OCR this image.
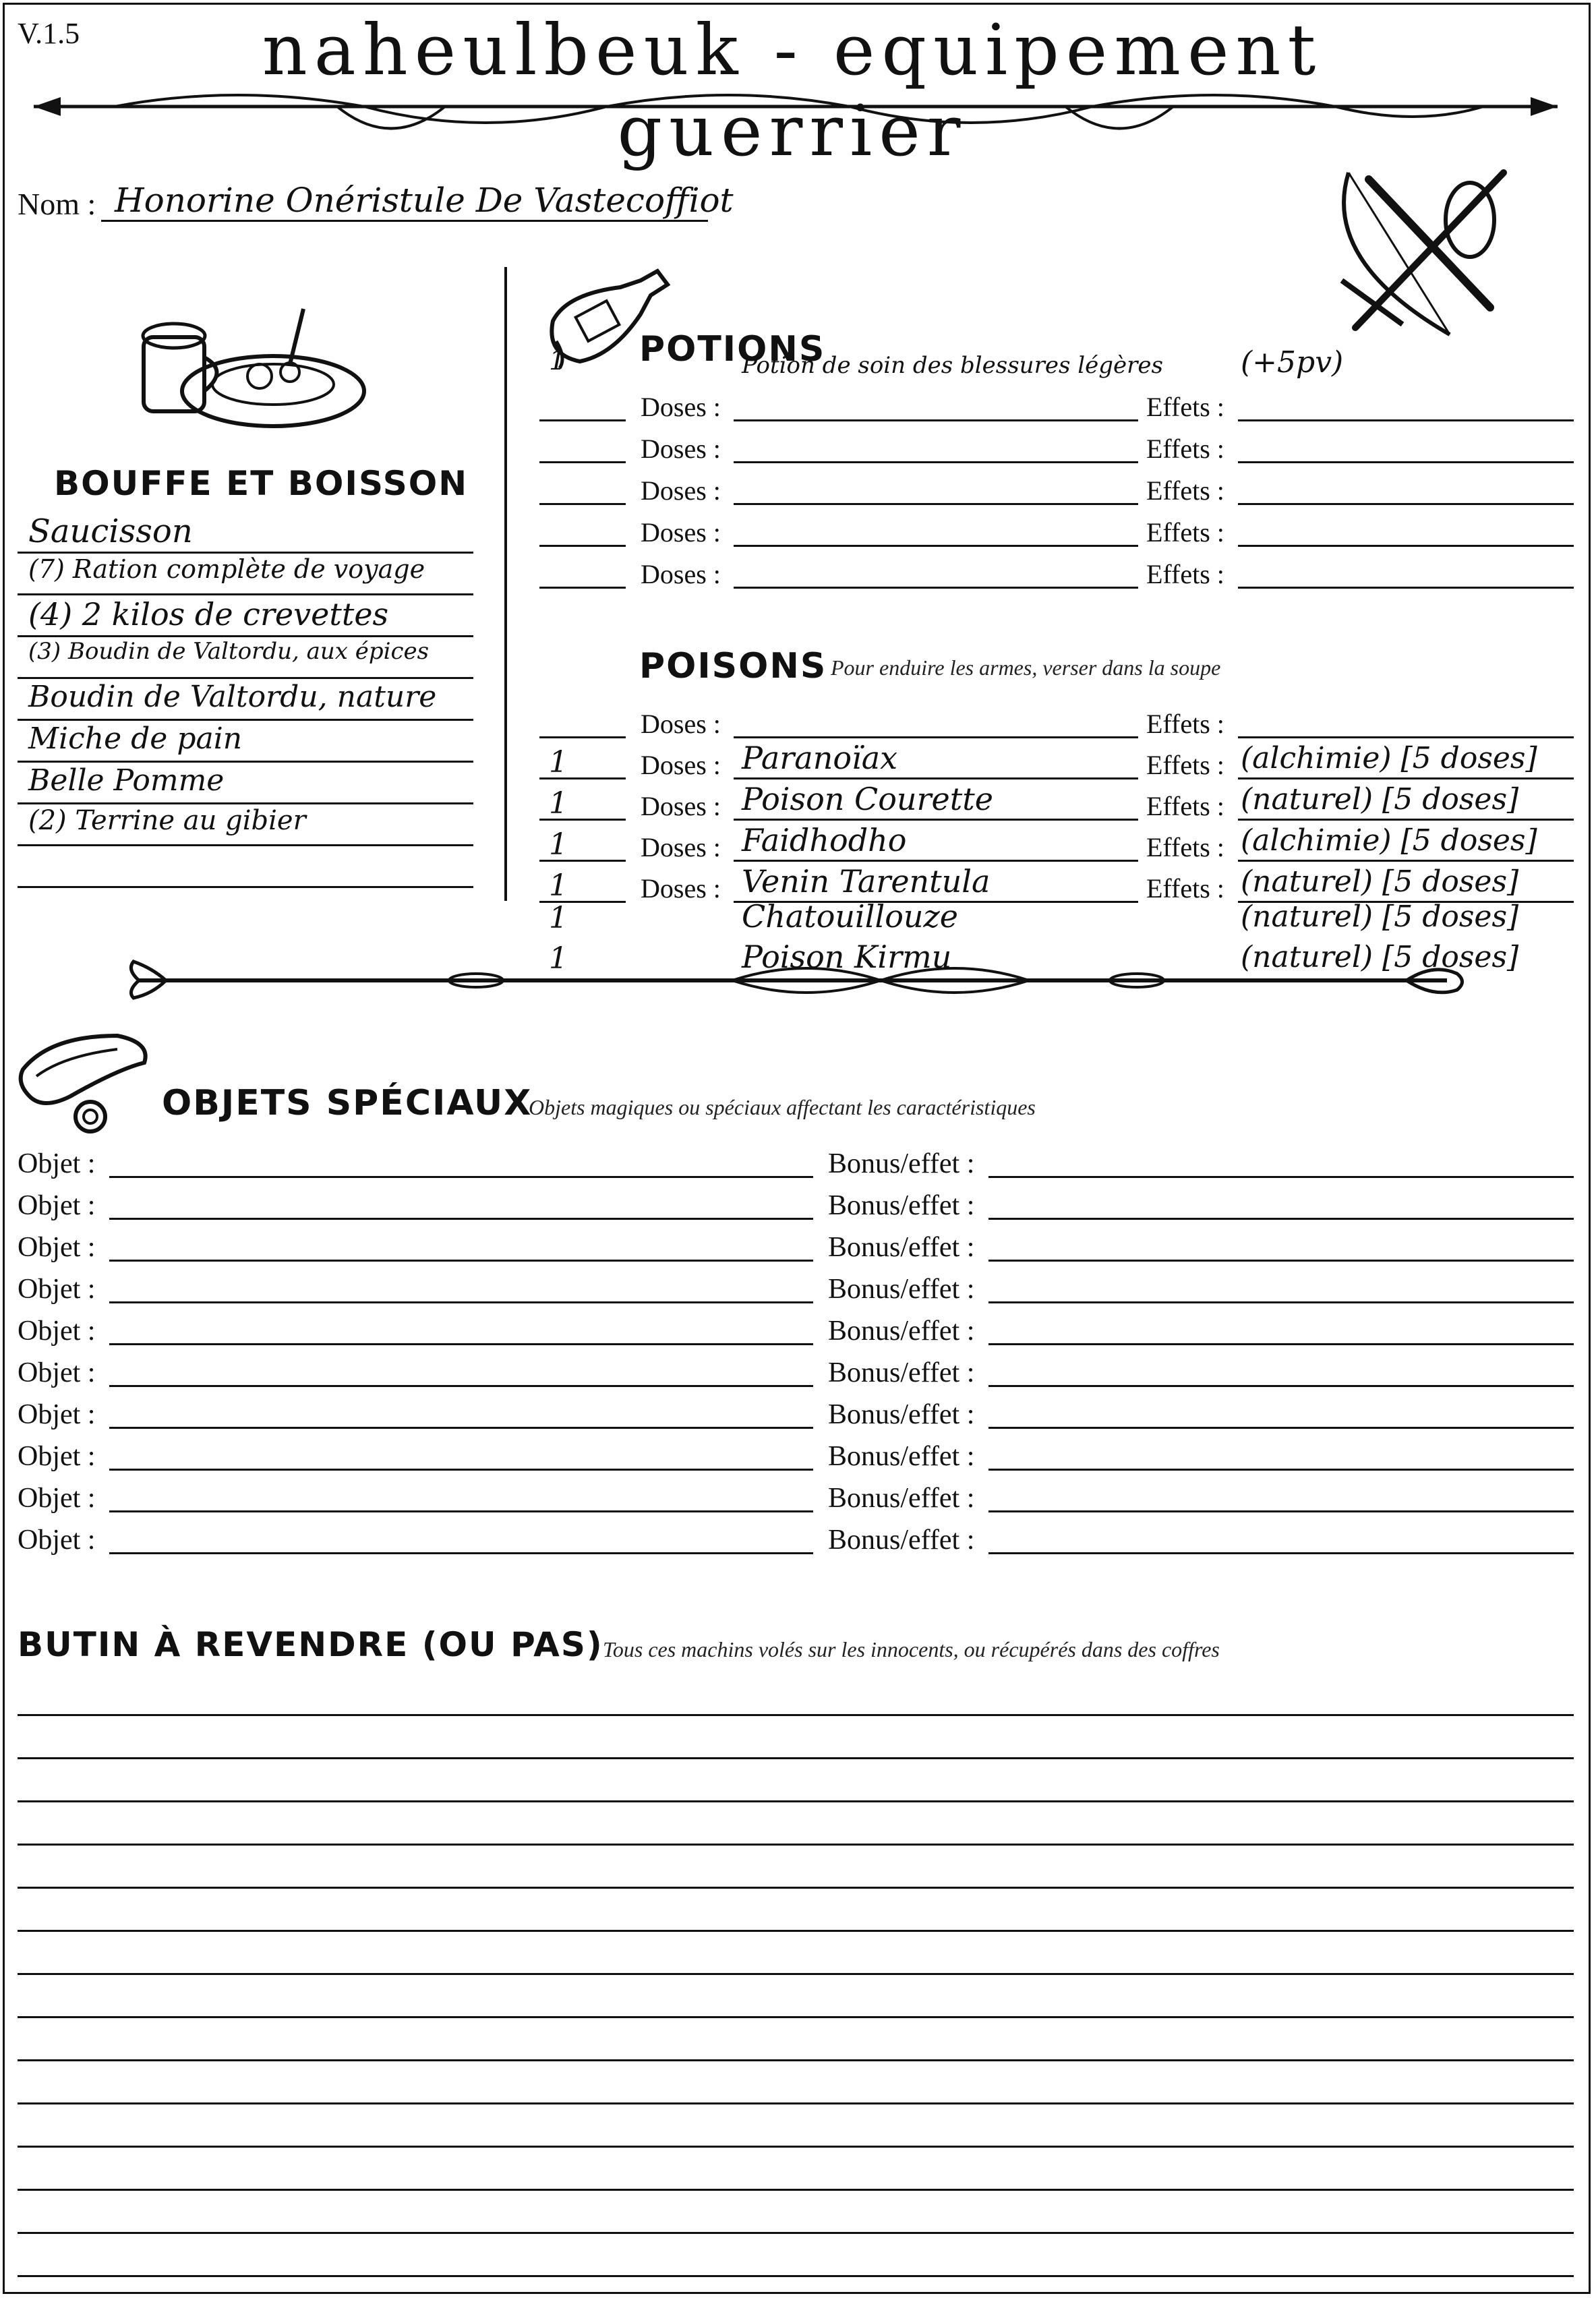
V.1.5	naheulbeuk - equipement guerrier
Nom : Honorine Onéristule De Vastecoffiot
BOUFFE ET BOISSON
Saucisson
(7) Ration complète de voyage
(4) 2 kilos de crevettes
(3) Boudin de Valtordu, aux épices
Boudin de Valtordu, nature
Miche de pain
Belle Pomme
(2) Terrine au gibier
POTIONS
1	Potion de soin des blessures légères	(+5pv)
Doses :	Effets :
Doses :	Effets :
Doses :	Effets :
Doses :	Effets :
Doses :	Effets :
POISONS Pour enduire les armes, verser dans la soupe
Doses :	Effets :
1	Doses : Paranoïax	Effets : (alchimie) [5 doses]
1	Doses : Poison Courette	Effets : (naturel) [5 doses]
1	Doses : Faidhodho	Effets : (alchimie) [5 doses]
1	Doses : Venin Tarentula	Effets : (naturel) [5 doses]
1	Chatouillouze	(naturel) [5 doses]
1	Poison Kirmu	(naturel) [5 doses]
OBJETS SPÉCIAUX
Objets magiques ou spéciaux affectant les caractéristiques
Objet :	Bonus/effet :
Objet :	Bonus/effet :
Objet :	Bonus/effet :
Objet :	Bonus/effet :
Objet :	Bonus/effet :
Objet :	Bonus/effet :
Objet :	Bonus/effet :
Objet :	Bonus/effet :
Objet :	Bonus/effet :
Objet :	Bonus/effet :
BUTIN À REVENDRE (OU PAS) Tous ces machins volés sur les innocents, ou récupérés dans des coffres
